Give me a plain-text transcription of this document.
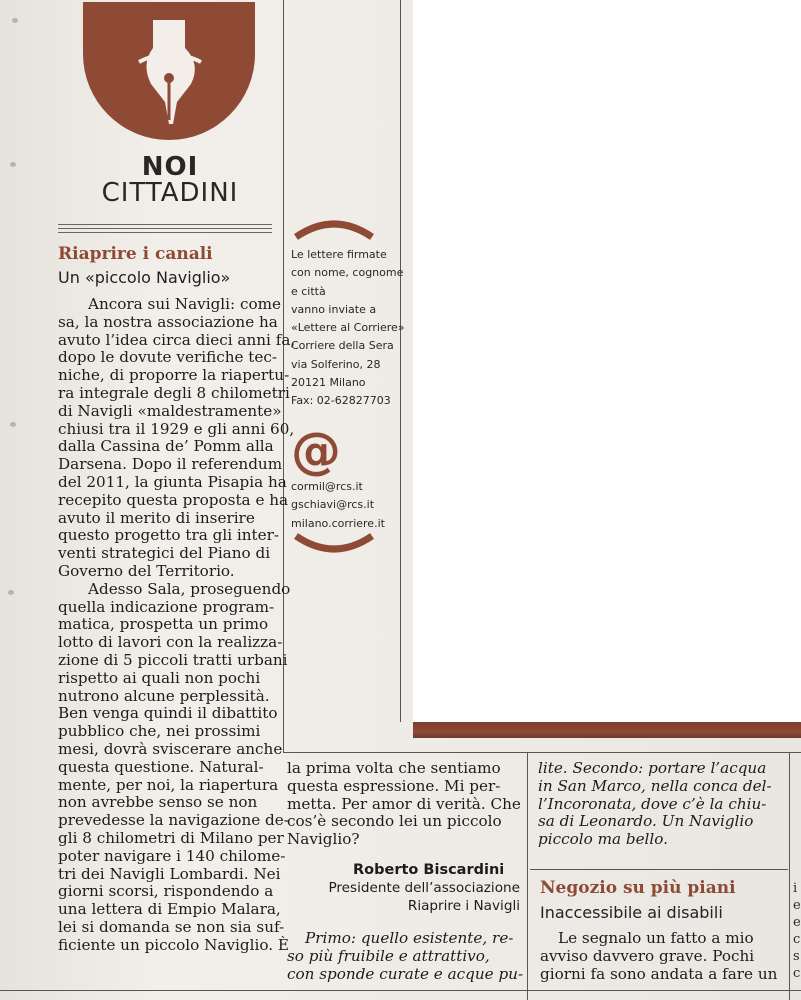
NOI
CITTADINI
Riaprire i canali
Un «piccolo Naviglio»
Ancora sui Navigli: come
sa, la nostra associazione ha
avuto l’idea circa dieci anni fa,
dopo le dovute verifiche tec-
niche, di proporre la riapertu-
ra integrale degli 8 chilometri
di Navigli «maldestramente»
chiusi tra il 1929 e gli anni 60,
dalla Cassina de’ Pomm alla
Darsena. Dopo il referendum
del 2011, la giunta Pisapia ha
recepito questa proposta e ha
avuto il merito di inserire
questo progetto tra gli inter-
venti strategici del Piano di
Governo del Territorio.
Adesso Sala, proseguendo
quella indicazione program-
matica, prospetta un primo
lotto di lavori con la realizza-
zione di 5 piccoli tratti urbani
rispetto ai quali non pochi
nutrono alcune perplessità.
Ben venga quindi il dibattito
pubblico che, nei prossimi
mesi, dovrà sviscerare anche
questa questione. Natural-
mente, per noi, la riapertura
non avrebbe senso se non
prevedesse la navigazione de-
gli 8 chilometri di Milano per
poter navigare i 140 chilome-
tri dei Navigli Lombardi. Nei
giorni scorsi, rispondendo a
una lettera di Empio Malara,
lei si domanda se non sia suf-
ficiente un piccolo Naviglio. È
Le lettere firmate
con nome, cognome
e città
vanno inviate a
«Lettere al Corriere»
Corriere della Sera
via Solferino, 28
20121 Milano
Fax: 02-62827703
@
cormil@rcs.it
gschiavi@rcs.it
milano.corriere.it
la prima volta che sentiamo
questa espressione. Mi per-
metta. Per amor di verità. Che
cos’è secondo lei un piccolo
Naviglio?
Roberto Biscardini
Presidente dell’associazione
Riaprire i Navigli
Primo: quello esistente, re-
so più fruibile e attrattivo,
con sponde curate e acque pu-
lite. Secondo: portare l’acqua
in San Marco, nella conca del-
l’Incoronata, dove c’è la chiu-
sa di Leonardo. Un Naviglio
piccolo ma bello.
Negozio su più piani
Inaccessibile ai disabili
Le segnalo un fatto a mio
avviso davvero grave. Pochi
giorni fa sono andata a fare un
i
e
e
c
s
c
